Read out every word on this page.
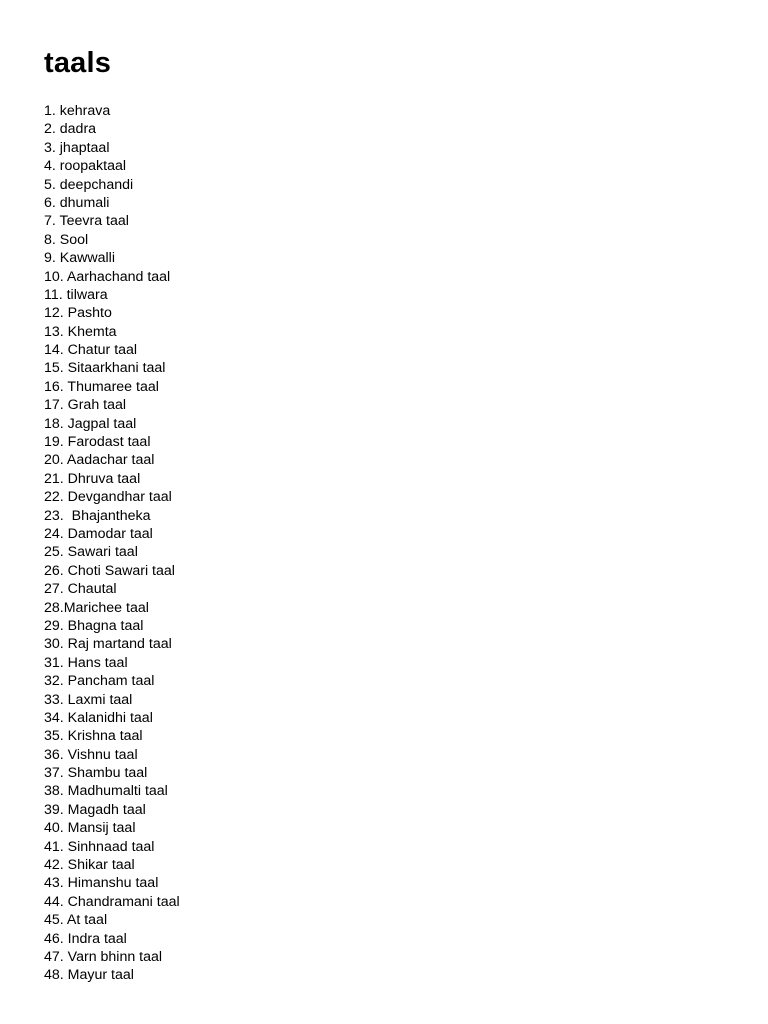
taals
1. kehrava
2. dadra
3. jhaptaal
4. roopaktaal
5. deepchandi
6. dhumali
7. Teevra taal
8. Sool
9. Kawwalli
10. Aarhachand taal
11. tilwara
12. Pashto
13. Khemta
14. Chatur taal
15. Sitaarkhani taal
16. Thumaree taal
17. Grah taal
18. Jagpal taal
19. Farodast taal
20. Aadachar taal
21. Dhruva taal
22. Devgandhar taal
23.  Bhajantheka
24. Damodar taal
25. Sawari taal
26. Choti Sawari taal
27. Chautal
28.Marichee taal
29. Bhagna taal
30. Raj martand taal
31. Hans taal
32. Pancham taal
33. Laxmi taal
34. Kalanidhi taal
35. Krishna taal
36. Vishnu taal
37. Shambu taal
38. Madhumalti taal
39. Magadh taal
40. Mansij taal
41. Sinhnaad taal
42. Shikar taal
43. Himanshu taal
44. Chandramani taal
45. At taal
46. Indra taal
47. Varn bhinn taal
48. Mayur taal
